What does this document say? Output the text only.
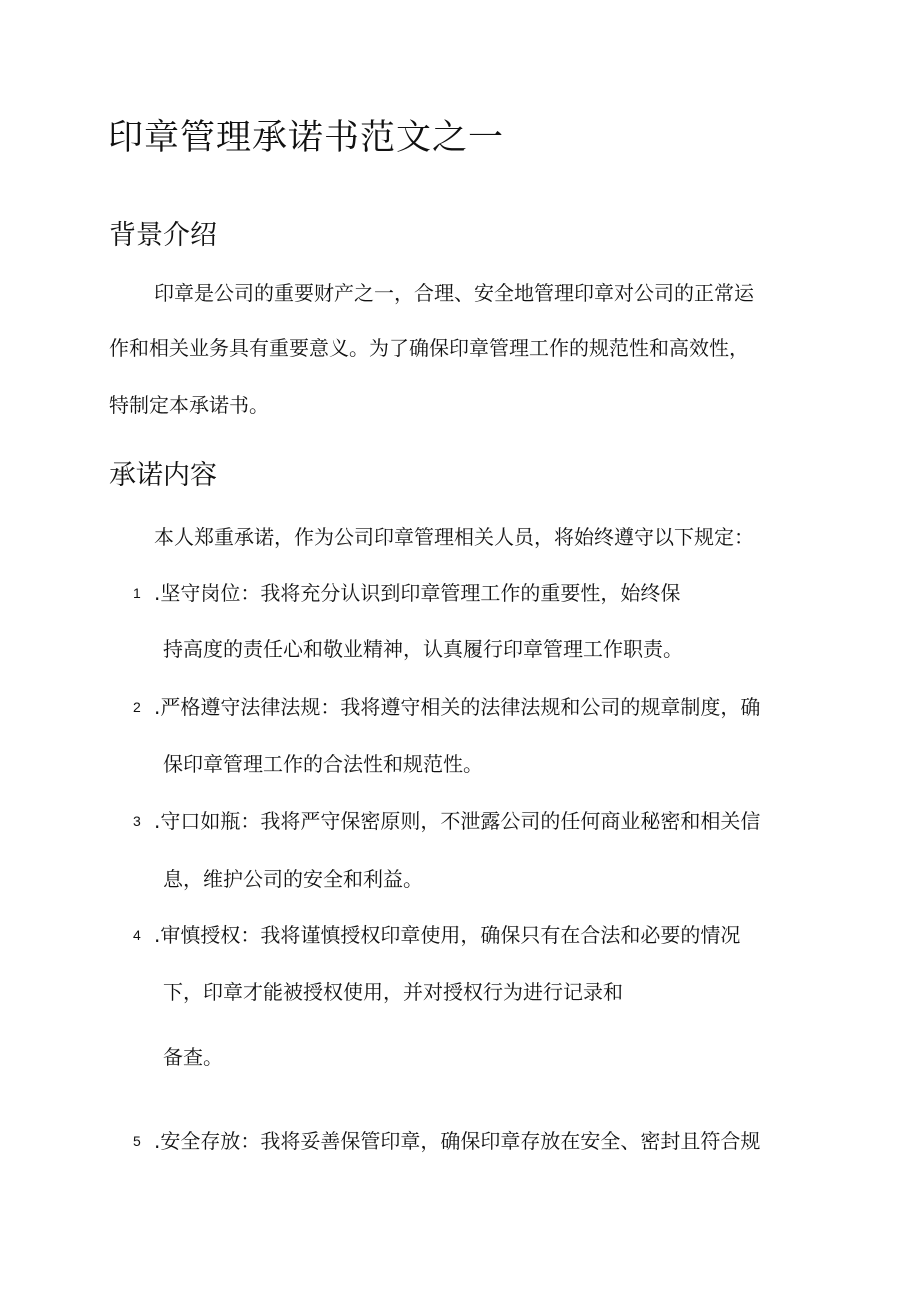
印章管理承诺书范文之一
背景介绍
印章是公司的重要财产之一，合理、安全地管理印章对公司的正常运
作和相关业务具有重要意义。为了确保印章管理工作的规范性和高效性，
特制定本承诺书。
承诺内容
本人郑重承诺，作为公司印章管理相关人员，将始终遵守以下规定：
1 .坚守岗位：我将充分认识到印章管理工作的重要性，始终保
持高度的责任心和敬业精神，认真履行印章管理工作职责。
2 .严格遵守法律法规：我将遵守相关的法律法规和公司的规章制度，确
保印章管理工作的合法性和规范性。
3 .守口如瓶：我将严守保密原则，不泄露公司的任何商业秘密和相关信
息，维护公司的安全和利益。
4 .审慎授权：我将谨慎授权印章使用，确保只有在合法和必要的情况
下，印章才能被授权使用，并对授权行为进行记录和
备查。
5 .安全存放：我将妥善保管印章，确保印章存放在安全、密封且符合规
